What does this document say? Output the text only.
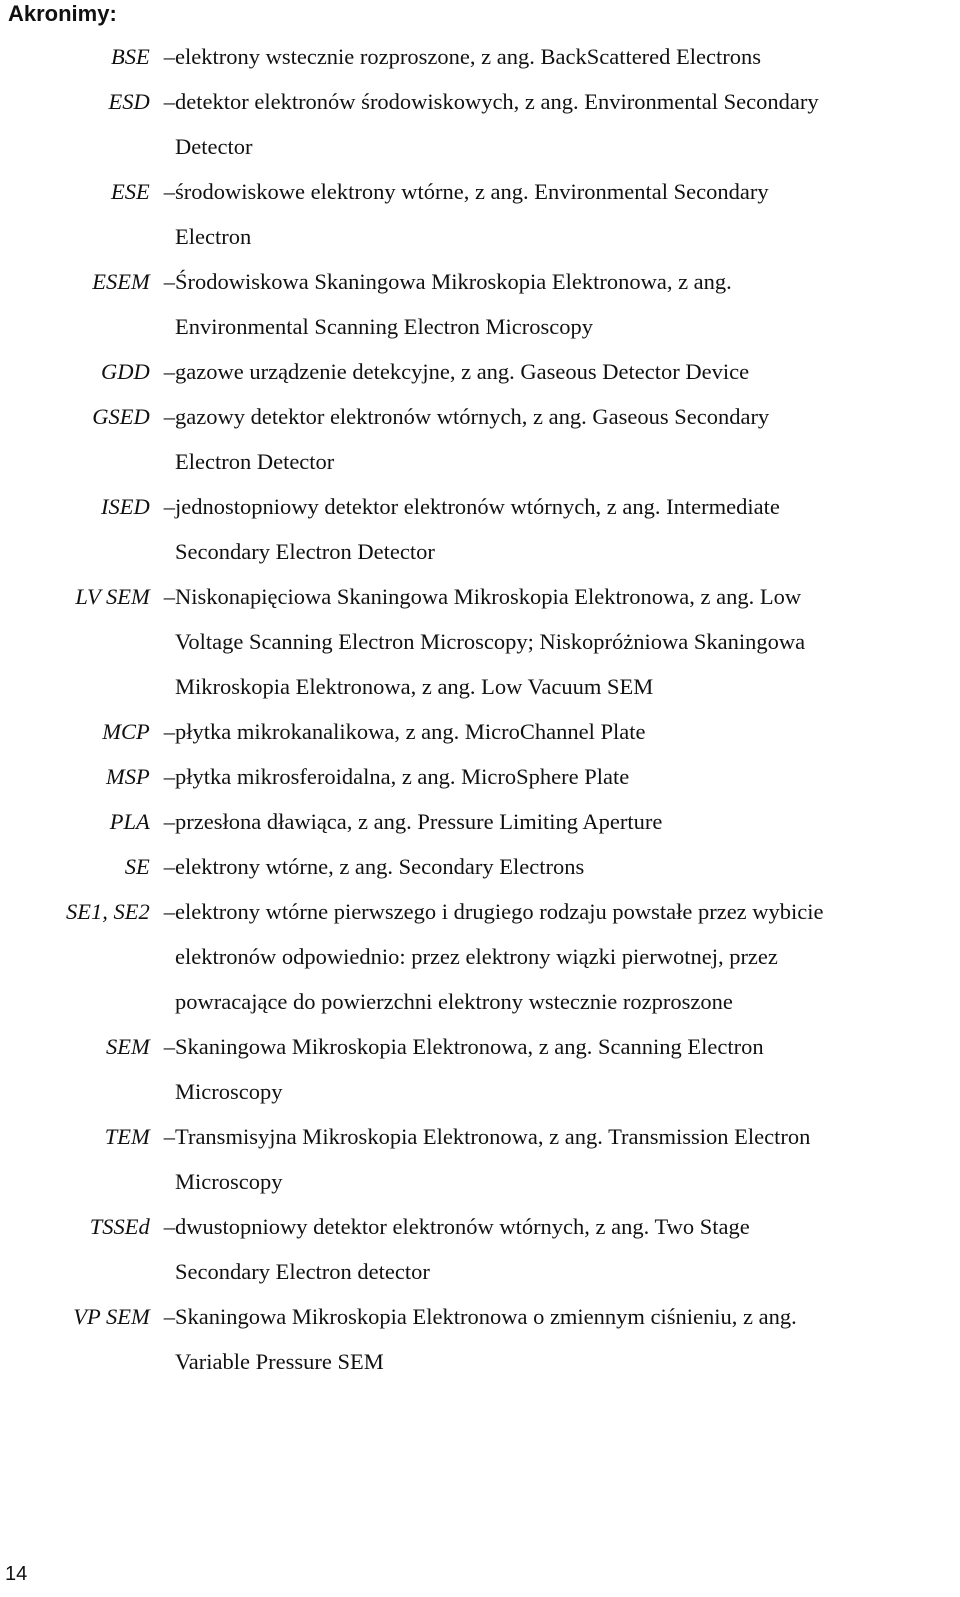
Akronimy:
BSE – elektrony wstecznie rozproszone, z ang. BackScattered Electrons
ESD – detektor elektronów środowiskowych, z ang. Environmental Secondary
Detector
ESE – środowiskowe elektrony wtórne, z ang. Environmental Secondary
Electron
ESEM – Środowiskowa Skaningowa Mikroskopia Elektronowa, z ang.
Environmental Scanning Electron Microscopy
GDD – gazowe urządzenie detekcyjne, z ang. Gaseous Detector Device
GSED – gazowy detektor elektronów wtórnych, z ang. Gaseous Secondary
Electron Detector
ISED – jednostopniowy detektor elektronów wtórnych, z ang. Intermediate
Secondary Electron Detector
LV SEM – Niskonapięciowa Skaningowa Mikroskopia Elektronowa, z ang. Low
Voltage Scanning Electron Microscopy; Niskopróżniowa Skaningowa
Mikroskopia Elektronowa, z ang. Low Vacuum SEM
MCP – płytka mikrokanalikowa, z ang. MicroChannel Plate
MSP – płytka mikrosferoidalna, z ang. MicroSphere Plate
PLA – przesłona dławiąca, z ang. Pressure Limiting Aperture
SE – elektrony wtórne, z ang. Secondary Electrons
SE1, SE2 – elektrony wtórne pierwszego i drugiego rodzaju powstałe przez wybicie
elektronów odpowiednio: przez elektrony wiązki pierwotnej, przez
powracające do powierzchni elektrony wstecznie rozproszone
SEM – Skaningowa Mikroskopia Elektronowa, z ang. Scanning Electron
Microscopy
TEM – Transmisyjna Mikroskopia Elektronowa, z ang. Transmission Electron
Microscopy
TSSEd – dwustopniowy detektor elektronów wtórnych, z ang. Two Stage
Secondary Electron detector
VP SEM – Skaningowa Mikroskopia Elektronowa o zmiennym ciśnieniu, z ang.
Variable Pressure SEM
14
